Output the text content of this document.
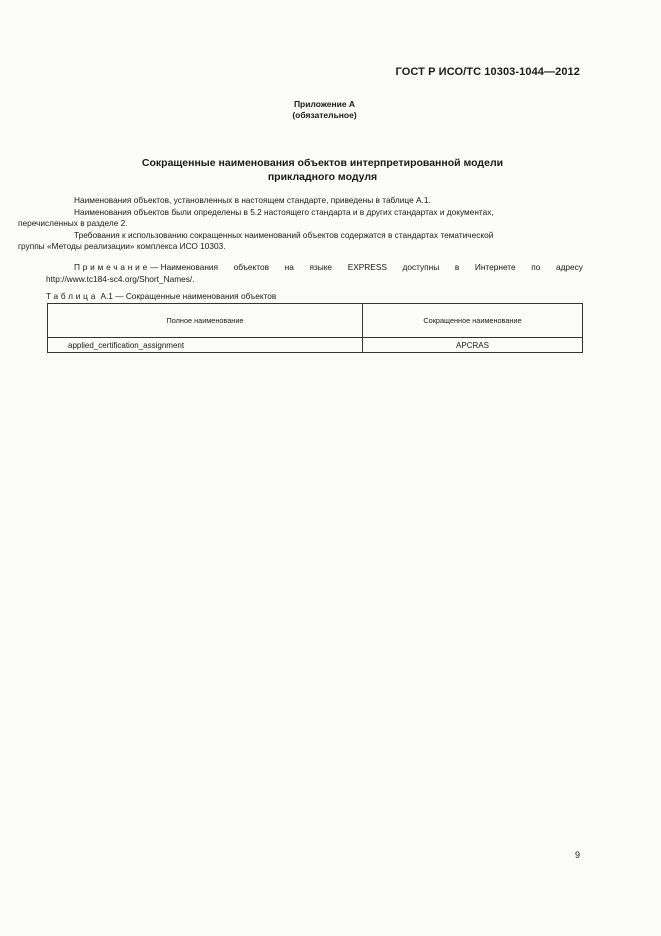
ГОСТ Р ИСО/ТС 10303-1044—2012
Приложение А
(обязательное)
Сокращенные наименования объектов интерпретированной модели
прикладного модуля

Наименования объектов, установленных в настоящем стандарте, приведены в таблице А.1.

Наименования объектов были определены в 5.2 настоящего стандарта и в других стандартах и документах,
перечисленных в разделе 2.

Требования к использованию сокращенных наименований объектов содержатся в стандартах тематической
группы «Методы реализации» комплекса ИСО 10303.

Примечание— Наименования объектов на языке EXPRESS доступны в Интернете по адресу
http://www.tc184-sc4.org/Short_Names/.
Таблица А.1 — Сокращенные наименования объектов
Полное наименование	Сокращенное наименование
applied_certification_assignment	APCRAS
9
